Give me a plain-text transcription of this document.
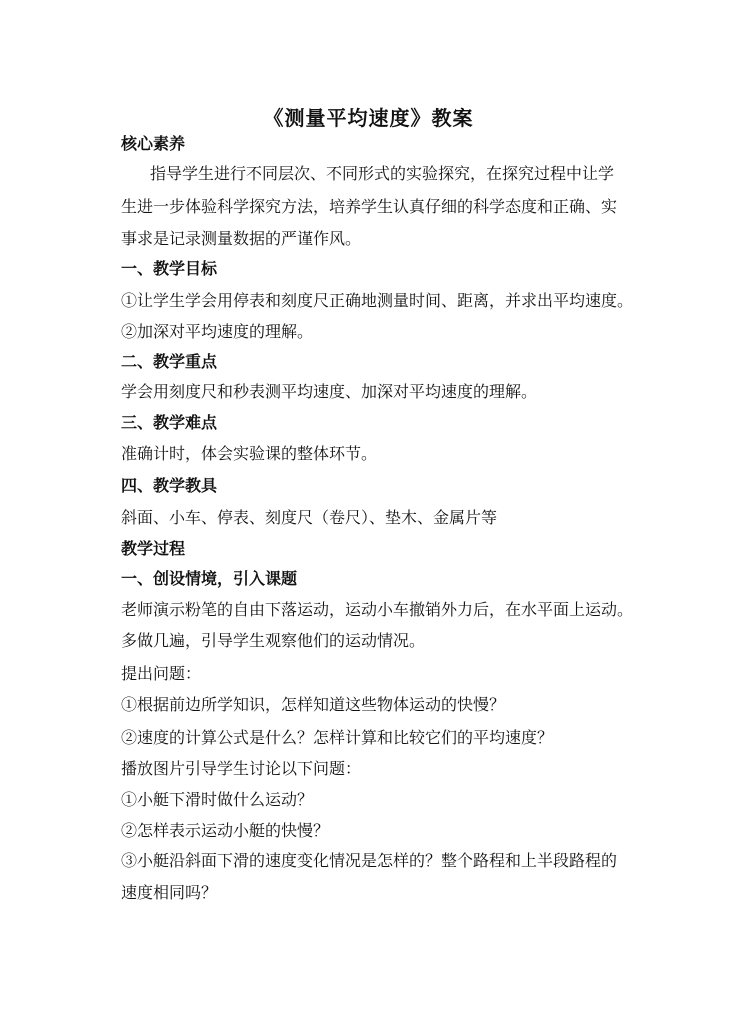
《测量平均速度》教案
核心素养
指导学生进行不同层次、不同形式的实验探究，在探究过程中让学
生进一步体验科学探究方法，培养学生认真仔细的科学态度和正确、实
事求是记录测量数据的严谨作风。
一、教学目标
①让学生学会用停表和刻度尺正确地测量时间、距离，并求出平均速度。
②加深对平均速度的理解。
二、教学重点
学会用刻度尺和秒表测平均速度、加深对平均速度的理解。
三、教学难点
准确计时，体会实验课的整体环节。
四、教学教具
斜面、小车、停表、刻度尺（卷尺）、垫木、金属片等
教学过程
一、创设情境，引入课题
老师演示粉笔的自由下落运动，运动小车撤销外力后，在水平面上运动。
多做几遍，引导学生观察他们的运动情况。
提出问题：
①根据前边所学知识，怎样知道这些物体运动的快慢？
②速度的计算公式是什么？怎样计算和比较它们的平均速度？
播放图片引导学生讨论以下问题：
①小艇下滑时做什么运动？
②怎样表示运动小艇的快慢？
③小艇沿斜面下滑的速度变化情况是怎样的？整个路程和上半段路程的
速度相同吗？
